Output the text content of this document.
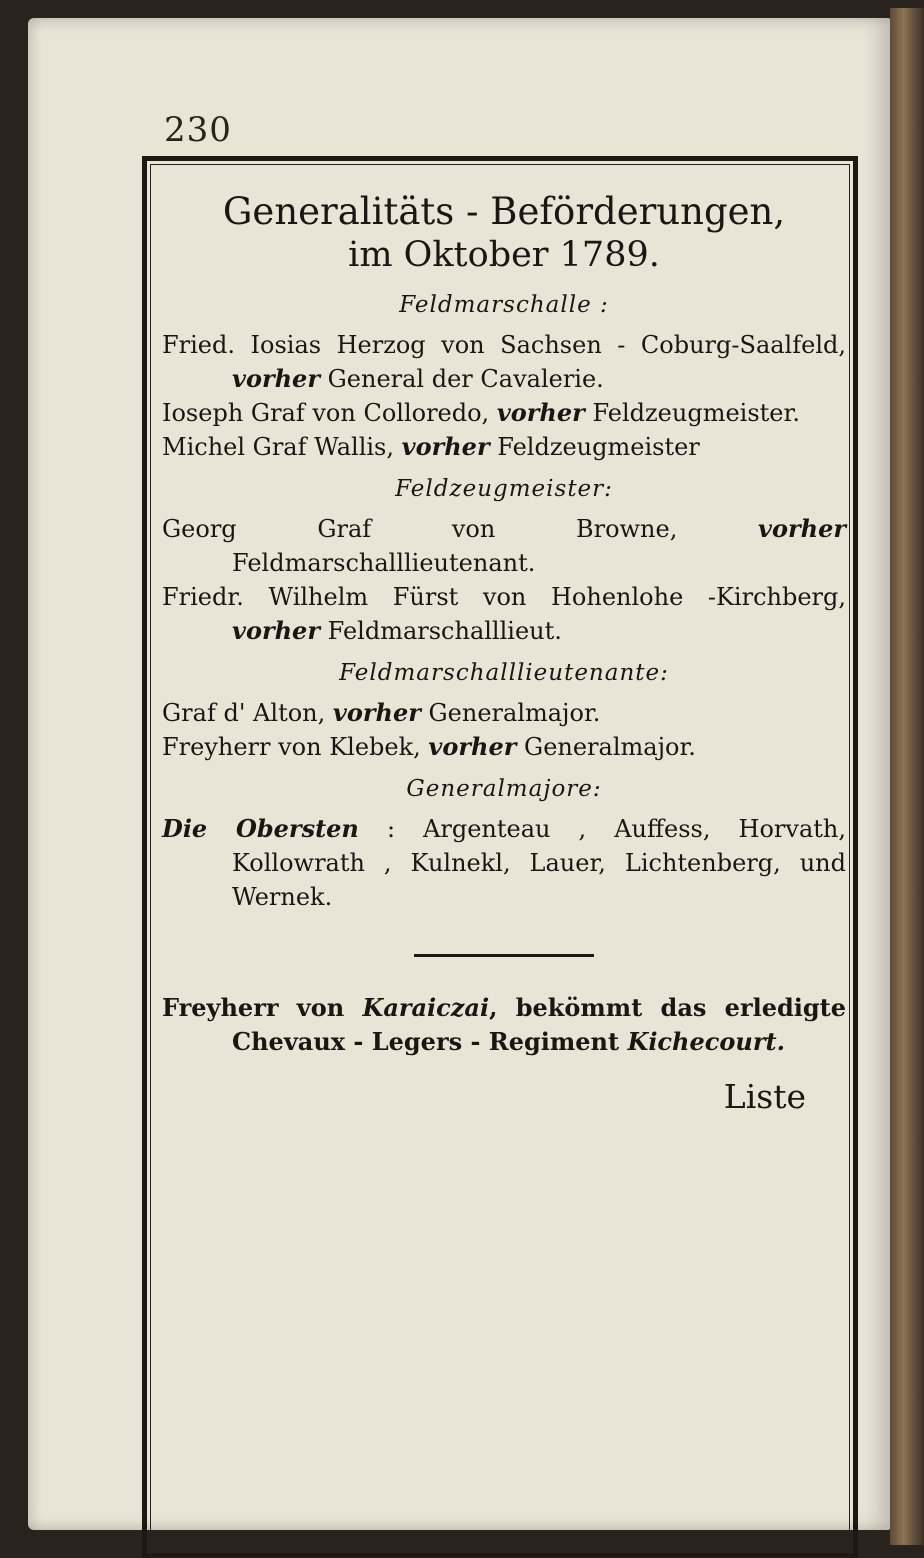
230
Generalitäts - Beförderungen,
im Oktober 1789.
Feldmarschalle :

Fried. Iosias Herzog von Sachsen - Coburg-Saalfeld, vorher General der Cavalerie.

Ioseph Graf von Colloredo, vorher Feldzeugmeister.

Michel Graf Wallis, vorher Feldzeugmeister

Feldzeugmeister:

Georg Graf von Browne,	vorher Feldmarschalllieutenant.

Friedr. Wilhelm Fürst von Hohenlohe -Kirchberg, vorher Feldmarschalllieut.

Feldmarschalllieutenante:

Graf d' Alton, vorher Generalmajor.

Freyherr von Klebek, vorher Generalmajor.

Generalmajore:

Die Obersten : Argenteau , Auffess, Horvath, Kollowrath , Kulnekl, Lauer, Lichtenberg, und Wernek.

Freyherr von Karaiczai, bekömmt das erledigte Chevaux - Legers - Regiment Kichecourt.

Liste
